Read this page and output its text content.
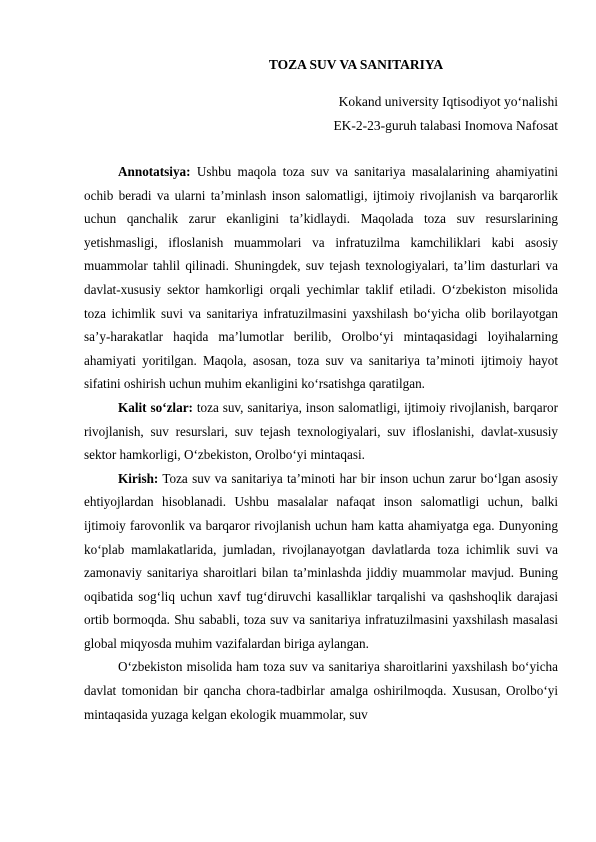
TOZA SUV VA SANITARIYA
Kokand university Iqtisodiyot yo‘nalishi
EK-2-23-guruh talabasi Inomova Nafosat

Annotatsiya: Ushbu maqola toza suv va sanitariya masalalarining ahamiyatini ochib beradi va ularni ta’minlash inson salomatligi, ijtimoiy rivojlanish va barqarorlik uchun qanchalik zarur ekanligini ta’kidlaydi. Maqolada toza suv resurslarining yetishmasligi, ifloslanish muammolari va infratuzilma kamchiliklari kabi asosiy muammolar tahlil qilinadi. Shuningdek, suv tejash texnologiyalari, ta’lim dasturlari va davlat-xususiy sektor hamkorligi orqali yechimlar taklif etiladi. O‘zbekiston misolida toza ichimlik suvi va sanitariya infratuzilmasini yaxshilash bo‘yicha olib borilayotgan sa’y-harakatlar haqida ma’lumotlar berilib, Orolbo‘yi mintaqasidagi loyihalarning ahamiyati yoritilgan. Maqola, asosan, toza suv va sanitariya ta’minoti ijtimoiy hayot sifatini oshirish uchun muhim ekanligini ko‘rsatishga qaratilgan.

Kalit so‘zlar: toza suv, sanitariya, inson salomatligi, ijtimoiy rivojlanish, barqaror rivojlanish, suv resurslari, suv tejash texnologiyalari, suv ifloslanishi, davlat-xususiy sektor hamkorligi, O‘zbekiston, Orolbo‘yi mintaqasi.

Kirish: Toza suv va sanitariya ta’minoti har bir inson uchun zarur bo‘lgan asosiy ehtiyojlardan hisoblanadi. Ushbu masalalar nafaqat inson salomatligi uchun, balki ijtimoiy farovonlik va barqaror rivojlanish uchun ham katta ahamiyatga ega. Dunyoning ko‘plab mamlakatlarida, jumladan, rivojlanayotgan davlatlarda toza ichimlik suvi va zamonaviy sanitariya sharoitlari bilan ta’minlashda jiddiy muammolar mavjud. Buning oqibatida sog‘liq uchun xavf tug‘diruvchi kasalliklar tarqalishi va qashshoqlik darajasi ortib bormoqda. Shu sababli, toza suv va sanitariya infratuzilmasini yaxshilash masalasi global miqyosda muhim vazifalardan biriga aylangan.

O‘zbekiston misolida ham toza suv va sanitariya sharoitlarini yaxshilash bo‘yicha davlat tomonidan bir qancha chora-tadbirlar amalga oshirilmoqda. Xususan, Orolbo‘yi mintaqasida yuzaga kelgan ekologik muammolar, suv
